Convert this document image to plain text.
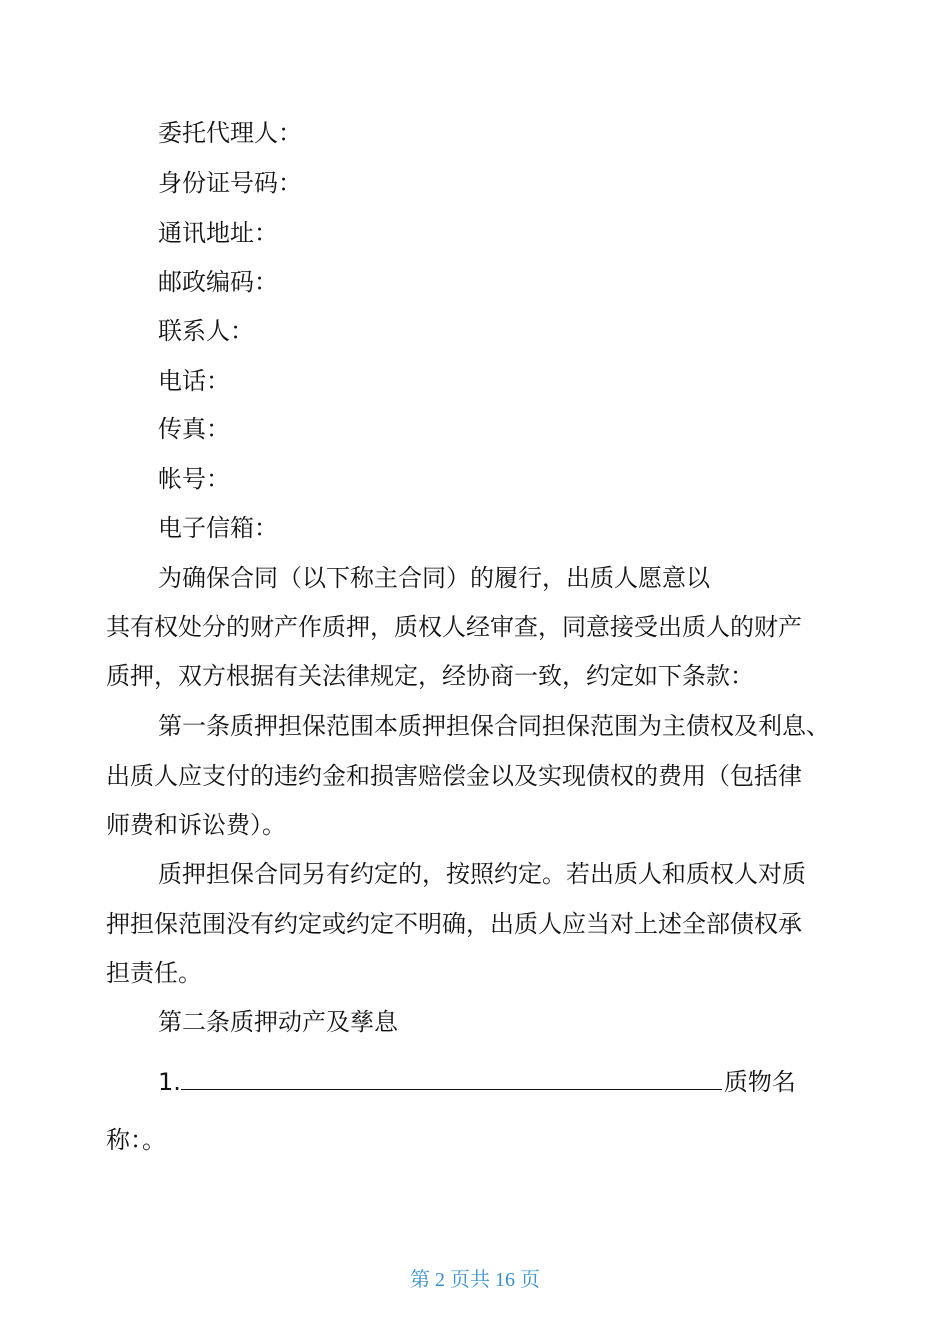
委托代理人：
身份证号码：
通讯地址：
邮政编码：
联系人：
电话：
传真：
帐号：
电子信箱：
为确保合同（以下称主合同）的履行，出质人愿意以
其有权处分的财产作质押，质权人经审查，同意接受出质人的财产
质押，双方根据有关法律规定，经协商一致，约定如下条款：
第一条质押担保范围本质押担保合同担保范围为主债权及利息、
出质人应支付的违约金和损害赔偿金以及实现债权的费用（包括律
师费和诉讼费）。
质押担保合同另有约定的，按照约定。若出质人和质权人对质
押担保范围没有约定或约定不明确，出质人应当对上述全部债权承
担责任。
第二条质押动产及孳息
1.	质物名
称：。
第 2 页共 16 页
